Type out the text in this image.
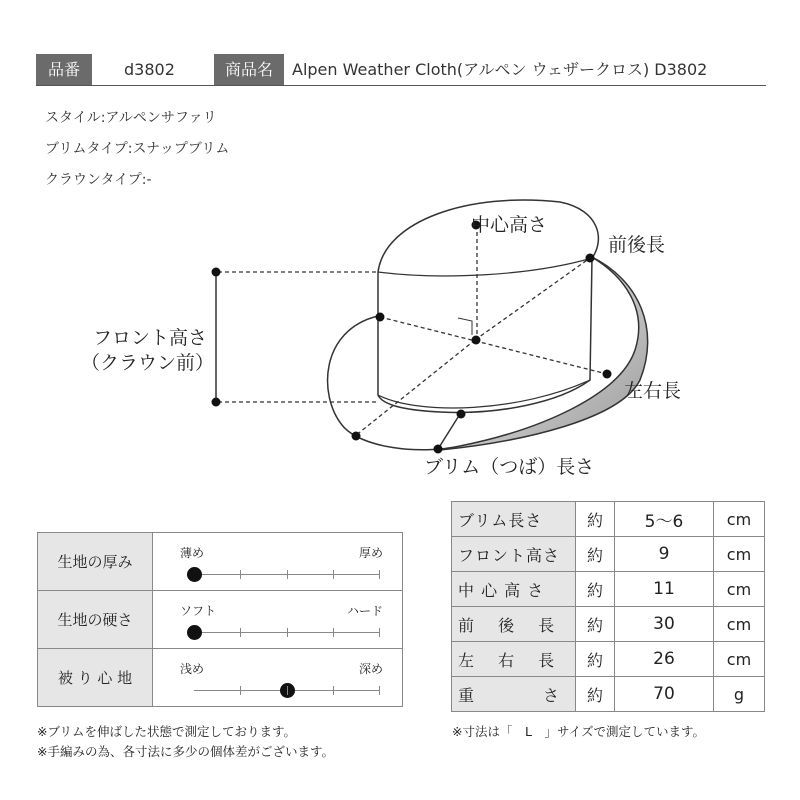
品番	d3802	商品名	Alpen Weather Cloth(アルペン ウェザークロス) D3802
スタイル:アルペンサファリ
ブリムタイプ:スナップブリム
クラウンタイプ:-
中心高さ
前後長
フロント高さ
（クラウン前）
左右長
ブリム（つば）長さ
生地の厚み	薄め 厚め

生地の硬さ	ソフト ハード

被 り 心 地	浅め 深め
ブリム長さ	約	5～6	cm
フロント高さ	約	9	cm
中 心 高 さ	約	11	cm
前　 後　 長	約	30	cm
左　 右　 長	約	26	cm
重　　　　さ	約	70	g
※ブリムを伸ばした状態で測定しております。
※手編みの為、各寸法に多少の個体差がございます。
※寸法は「　L　」サイズで測定しています。
